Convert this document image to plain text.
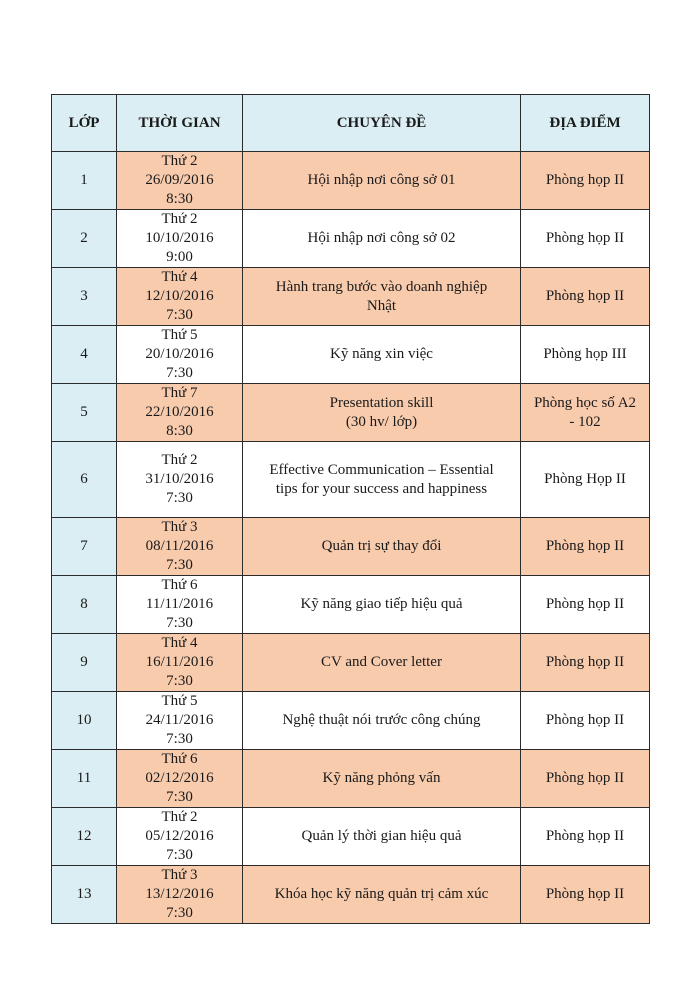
LỚP	THỜI GIAN	CHUYÊN ĐỀ	ĐỊA ĐIỂM
1	Thứ 2
26/09/2016
8:30	Hội nhập nơi công sở 01	Phòng họp II

2	Thứ 2
10/10/2016
9:00	Hội nhập nơi công sở 02	Phòng họp II

3	Thứ 4
12/10/2016
7:30	Hành trang bước vào doanh nghiệp
Nhật	Phòng họp II

4	Thứ 5
20/10/2016
7:30	Kỹ năng xin việc	Phòng họp III

5	Thứ 7
22/10/2016
8:30	Presentation skill
(30 hv/ lớp)	Phòng học số A2
- 102

6	Thứ 2
31/10/2016
7:30	Effective Communication – Essential
tips for your success and happiness	Phòng Họp II

7	Thứ 3
08/11/2016
7:30	Quản trị sự thay đổi	Phòng họp II

8	Thứ 6
11/11/2016
7:30	Kỹ năng giao tiếp hiệu quả	Phòng họp II

9	Thứ 4
16/11/2016
7:30	CV and Cover letter	Phòng họp II

10	Thứ 5
24/11/2016
7:30	Nghệ thuật nói trước công chúng	Phòng họp II

11	Thứ 6
02/12/2016
7:30	Kỹ năng phỏng vấn	Phòng họp II

12	Thứ 2
05/12/2016
7:30	Quản lý thời gian hiệu quả	Phòng họp II

13	Thứ 3
13/12/2016
7:30	Khóa học kỹ năng quản trị cảm xúc	Phòng họp II
